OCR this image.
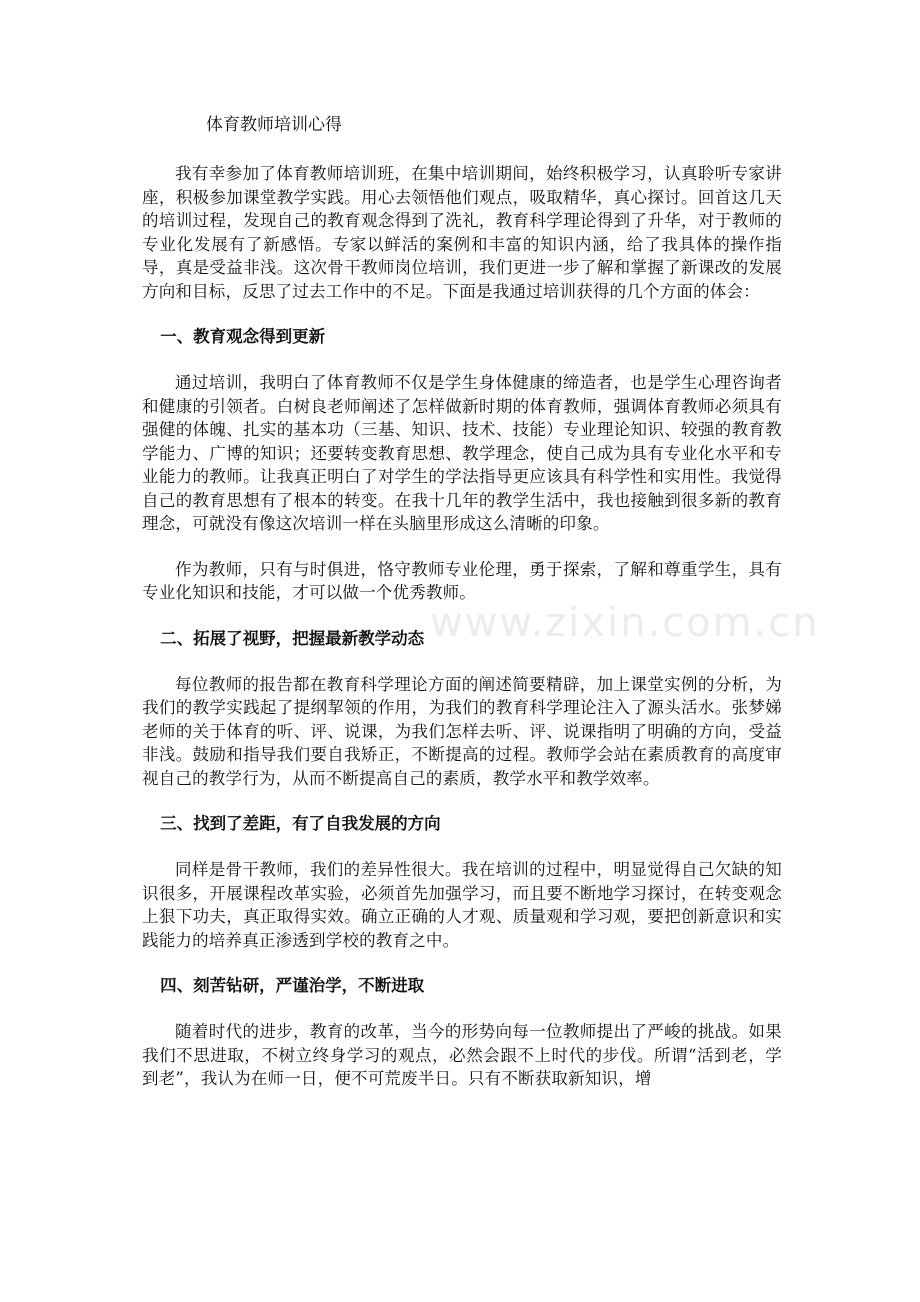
体育教师培训心得

我有幸参加了体育教师培训班，在集中培训期间，始终积极学习，认真聆听专家讲座，积极参加课堂教学实践。用心去领悟他们观点，吸取精华，真心探讨。回首这几天的培训过程，发现自己的教育观念得到了洗礼，教育科学理论得到了升华，对于教师的专业化发展有了新感悟。专家以鲜活的案例和丰富的知识内涵，给了我具体的操作指导，真是受益非浅。这次骨干教师岗位培训，我们更进一步了解和掌握了新课改的发展方向和目标，反思了过去工作中的不足。下面是我通过培训获得的几个方面的体会：

一、教育观念得到更新

通过培训，我明白了体育教师不仅是学生身体健康的缔造者，也是学生心理咨询者和健康的引领者。白树良老师阐述了怎样做新时期的体育教师，强调体育教师必须具有强健的体魄、扎实的基本功（三基、知识、技术、技能）专业理论知识、较强的教育教学能力、广博的知识；还要转变教育思想、教学理念，使自己成为具有专业化水平和专业能力的教师。让我真正明白了对学生的学法指导更应该具有科学性和实用性。我觉得自己的教育思想有了根本的转变。在我十几年的教学生活中，我也接触到很多新的教育理念，可就没有像这次培训一样在头脑里形成这么清晰的印象。

作为教师，只有与时俱进，恪守教师专业伦理，勇于探索，了解和尊重学生，具有专业化知识和技能，才可以做一个优秀教师。

二、拓展了视野，把握最新教学动态

每位教师的报告都在教育科学理论方面的阐述简要精辟，加上课堂实例的分析，为我们的教学实践起了提纲挈领的作用，为我们的教育科学理论注入了源头活水。张梦娣老师的关于体育的听、评、说课，为我们怎样去听、评、说课指明了明确的方向，受益非浅。鼓励和指导我们要自我矫正，不断提高的过程。教师学会站在素质教育的高度审视自己的教学行为，从而不断提高自己的素质，教学水平和教学效率。

三、找到了差距，有了自我发展的方向

同样是骨干教师，我们的差异性很大。我在培训的过程中，明显觉得自己欠缺的知识很多，开展课程改革实验，必须首先加强学习，而且要不断地学习探讨，在转变观念上狠下功夫，真正取得实效。确立正确的人才观、质量观和学习观，要把创新意识和实践能力的培养真正渗透到学校的教育之中。

四、刻苦钻研，严谨治学，不断进取

随着时代的进步，教育的改革，当今的形势向每一位教师提出了严峻的挑战。如果我们不思进取，不树立终身学习的观点，必然会跟不上时代的步伐。所谓“活到老，学到老”，我认为在师一日，便不可荒废半日。只有不断获取新知识，增

www.zixin.com.cn
